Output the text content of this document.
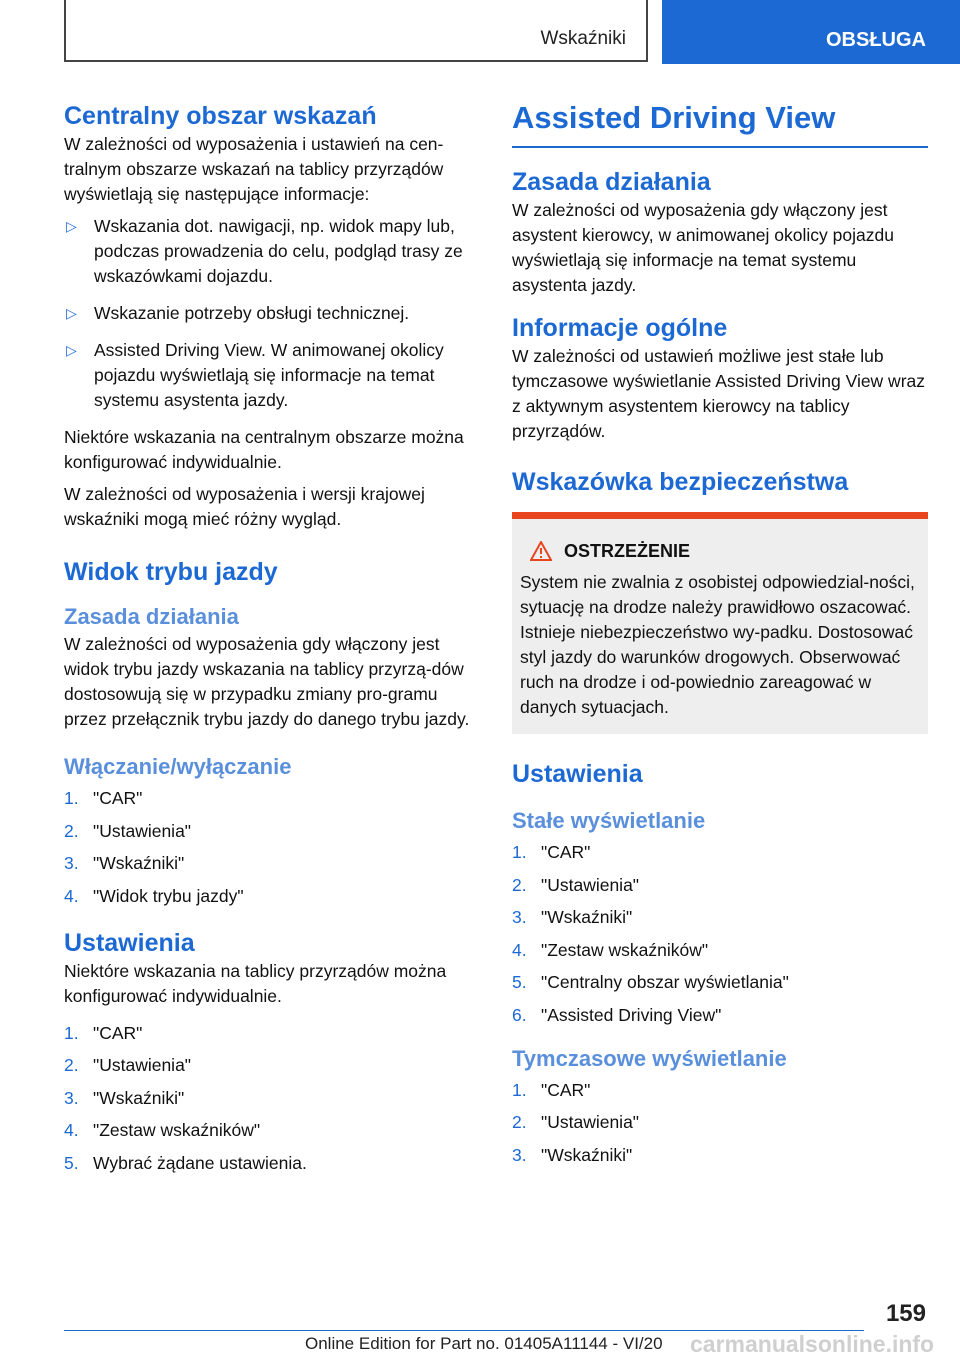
Wskaźniki	OBSŁUGA
Centralny obszar wskazań

W zależności od wyposażenia i ustawień na cen-tralnym obszarze wskazań na tablicy przyrządów wyświetlają się następujące informacje:

▷ Wskazania dot. nawigacji, np. widok mapy lub, podczas prowadzenia do celu, podgląd trasy ze wskazówkami dojazdu.
▷ Wskazanie potrzeby obsługi technicznej.
▷ Assisted Driving View. W animowanej okolicy pojazdu wyświetlają się informacje na temat systemu asystenta jazdy.

Niektóre wskazania na centralnym obszarze można konfigurować indywidualnie.

W zależności od wyposażenia i wersji krajowej wskaźniki mogą mieć różny wygląd.

Widok trybu jazdy
Zasada działania

W zależności od wyposażenia gdy włączony jest widok trybu jazdy wskazania na tablicy przyrzą-dów dostosowują się w przypadku zmiany pro-gramu przez przełącznik trybu jazdy do danego trybu jazdy.

Włączanie/wyłączanie
1. "CAR"
2. "Ustawienia"
3. "Wskaźniki"
4. "Widok trybu jazdy"
Ustawienia

Niektóre wskazania na tablicy przyrządów można konfigurować indywidualnie.

1. "CAR"
2. "Ustawienia"
3. "Wskaźniki"
4. "Zestaw wskaźników"
5. Wybrać żądane ustawienia.
Assisted Driving View
Zasada działania

W zależności od wyposażenia gdy włączony jest asystent kierowcy, w animowanej okolicy pojazdu wyświetlają się informacje na temat systemu asystenta jazdy.

Informacje ogólne

W zależności od ustawień możliwe jest stałe lub tymczasowe wyświetlanie Assisted Driving View wraz z aktywnym asystentem kierowcy na tablicy przyrządów.

Wskazówka bezpieczeństwa
OSTRZEŻENIE

System nie zwalnia z osobistej odpowiedzial-ności, sytuację na drodze należy prawidłowo oszacować. Istnieje niebezpieczeństwo wy-padku. Dostosować styl jazdy do warunków drogowych. Obserwować ruch na drodze i od-powiednio zareagować w danych sytuacjach.

Ustawienia
Stałe wyświetlanie
1. "CAR"
2. "Ustawienia"
3. "Wskaźniki"
4. "Zestaw wskaźników"
5. "Centralny obszar wyświetlania"
6. "Assisted Driving View"
Tymczasowe wyświetlanie
1. "CAR"
2. "Ustawienia"
3. "Wskaźniki"
159
Online Edition for Part no. 01405A11144 - VI/20 carmanualsonline.info
